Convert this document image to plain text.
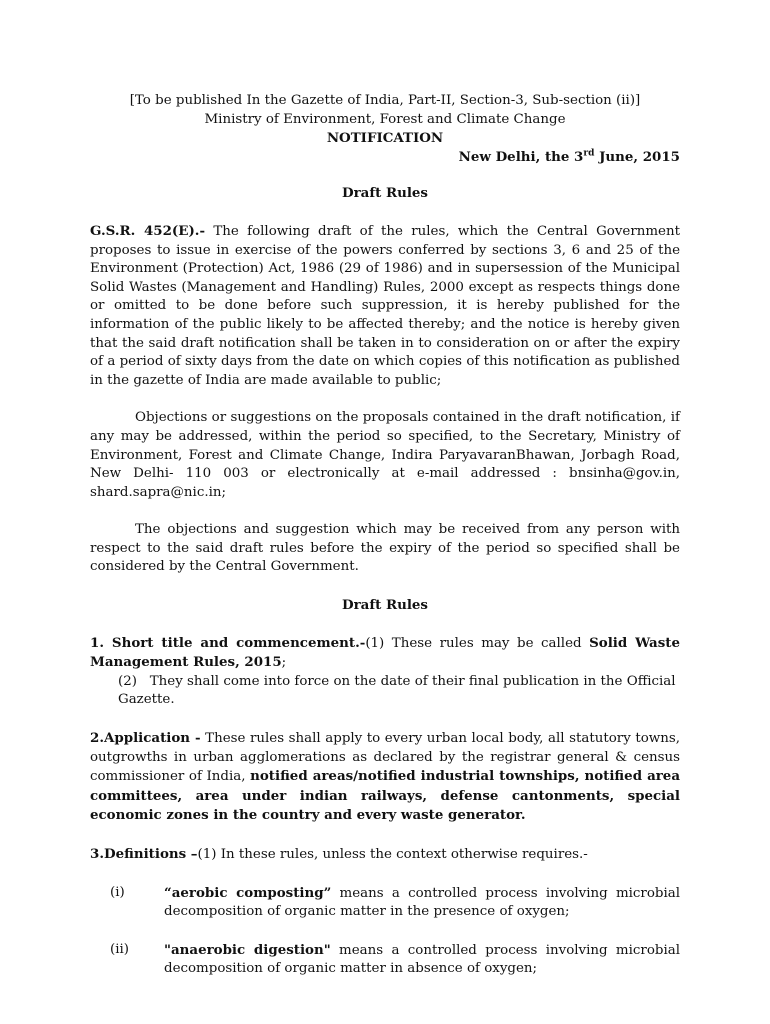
[To be published In the Gazette of India, Part-II, Section-3, Sub-section (ii)]

Ministry of Environment, Forest and Climate Change

NOTIFICATION

New Delhi, the 3rd June, 2015

Draft Rules

G.S.R. 452(E).- The following draft of the rules, which the Central Government proposes to issue in exercise of the powers conferred by sections 3, 6 and 25 of the Environment (Protection) Act, 1986 (29 of 1986) and in supersession of the Municipal Solid Wastes (Management and Handling) Rules, 2000 except as respects things done or omitted to be done before such suppression, it is hereby published for the information of the public likely to be affected thereby; and the notice is hereby given that the said draft notification shall be taken in to consideration on or after the expiry of a period of sixty days from the date on which copies of this notification as published in the gazette of India are made available to public;

Objections or suggestions on the proposals contained in the draft notification, if any may be addressed, within the period so specified, to the Secretary, Ministry of Environment, Forest and Climate Change, Indira ParyavaranBhawan, Jorbagh Road, New Delhi- 110 003 or electronically at e-mail addressed : bnsinha@gov.in, shard.sapra@nic.in;

The objections and suggestion which may be received from any person with respect to the said draft rules before the expiry of the period so specified shall be considered by the Central Government.

Draft Rules

1. Short title and commencement.-(1) These rules may be called Solid Waste Management Rules, 2015;

(2)   They shall come into force on the date of their final publication in the Official Gazette.

2.Application - These rules shall apply to every urban local body, all statutory towns, outgrowths in urban agglomerations as declared by the registrar general & census commissioner of India, notified areas/notified industrial townships, notified area committees, area under indian railways, defense cantonments, special economic zones in the country and every waste generator.

3.Definitions –(1) In these rules, unless the context otherwise requires.-

(i)	“aerobic composting” means a controlled process involving microbial decomposition of organic matter in the presence of oxygen;
(ii)	"anaerobic digestion" means a controlled process involving microbial decomposition of organic matter in absence of oxygen;
